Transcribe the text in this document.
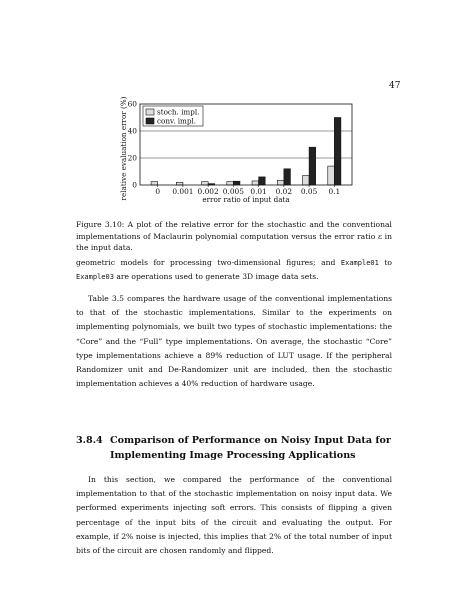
47
0
20
40
60
0 0.001 0.002 0.005 0.01 0.02 0.05 0.1
stoch. impl.
conv. impl.
relative evaluation error (%)	error ratio of input data
Figure 3.10: A plot of the relative error for the stochastic and the conventional implementations of Maclaurin polynomial computation versus the error ratio ε in the input data.

geometric models for processing two-dimensional figures; and Example01 to Example03 are operations used to generate 3D image data sets.

Table 3.5 compares the hardware usage of the conventional implementations to that of the stochastic implementations. Similar to the experiments on implementing polynomials, we built two types of stochastic implementations: the “Core” and the “Full” type implementations. On average, the stochastic “Core” type implementations achieve a 89% reduction of LUT usage. If the peripheral Randomizer unit and De-Randomizer unit are included, then the stochastic implementation achieves a 40% reduction of hardware usage.

3.8.4 Comparison of Performance on Noisy Input Data for
Implementing Image Processing Applications

In this section, we compared the performance of the conventional implementation to that of the stochastic implementation on noisy input data. We performed experiments injecting soft errors. This consists of flipping a given percentage of the input bits of the circuit and evaluating the output. For example, if 2% noise is injected, this implies that 2% of the total number of input bits of the circuit are chosen randomly and flipped.
